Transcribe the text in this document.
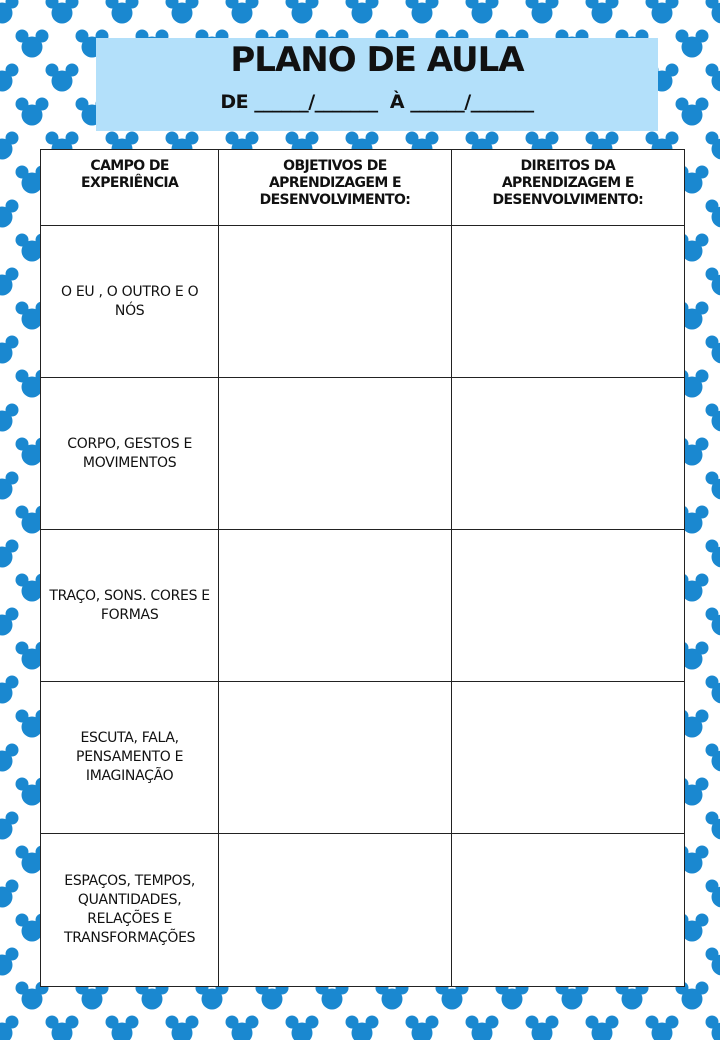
PLANO DE AULA
DE ______/_______  À ______/_______
CAMPO DE EXPERIÊNCIA	OBJETIVOS DE APRENDIZAGEM E DESENVOLVIMENTO:	DIREITOS DA APRENDIZAGEM E DESENVOLVIMENTO:
O EU , O OUTRO E O NÓS		
CORPO, GESTOS E MOVIMENTOS		
TRAÇO, SONS. CORES E FORMAS		
ESCUTA, FALA, PENSAMENTO E IMAGINAÇÃO		
ESPAÇOS, TEMPOS, QUANTIDADES, RELAÇÕES E TRANSFORMAÇÕES		
